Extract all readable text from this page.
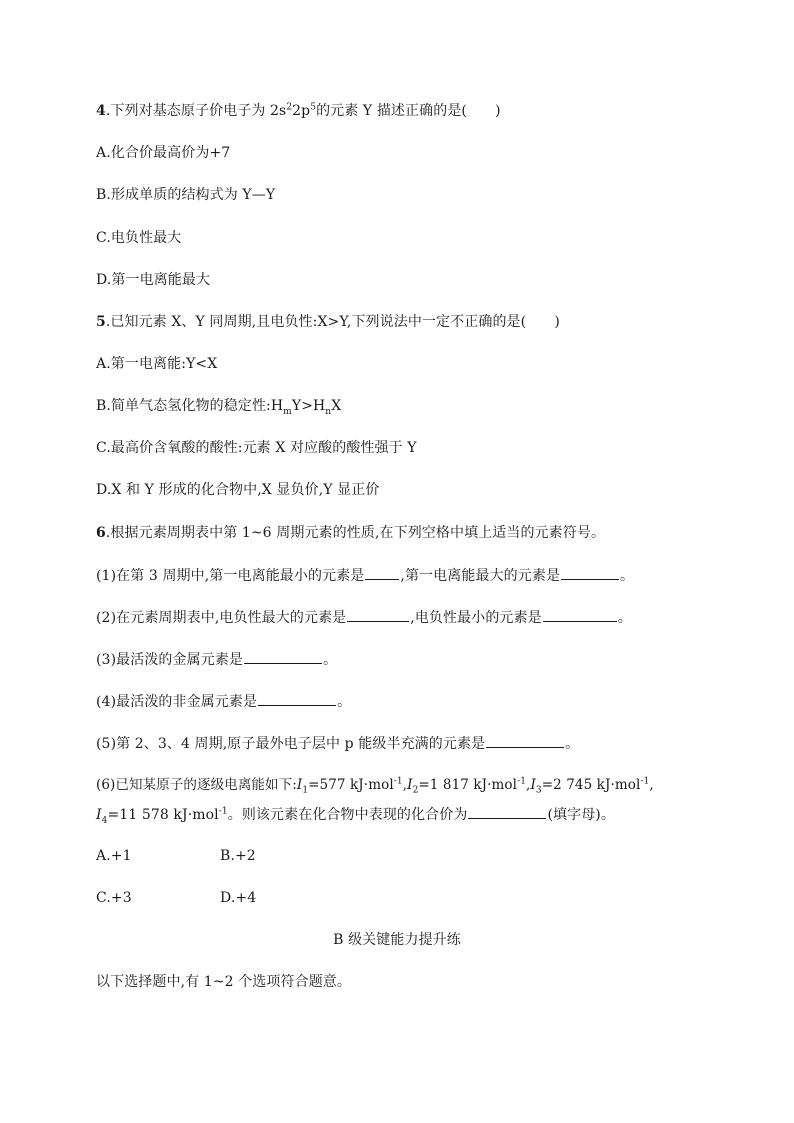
4.下列对基态原子价电子为 $2s^22p^5$的元素 Y 描述正确的是(　　)
A.化合价最高价为+7
B.形成单质的结构式为 Y—Y
C.电负性最大
D.第一电离能最大
5.已知元素 X、Y 同周期,且电负性:X>Y,下列说法中一定不正确的是(　　)
A.第一电离能:Y<X
B.简单气态氢化物的稳定性$:H_mY>H_nX$
C.最高价含氧酸的酸性:元素 X 对应酸的酸性强于 Y
D.X 和 Y 形成的化合物中,X 显负价,Y 显正价
6.根据元素周期表中第 1~6 周期元素的性质,在下列空格中填上适当的元素符号。
(1)在第 3 周期中,第一电离能最小的元素是	,第一电离能最大的元素是	。
(2)在元素周期表中,电负性最大的元素是	,电负性最小的元素是	。
(3)最活泼的金属元素是	。
(4)最活泼的非金属元素是	。
(5)第 2、3、4 周期,原子最外电子层中 p 能级半充满的元素是	。
(6)已知某原子的逐级电离能如下$:I_1=577$ $kJ\cdot mol^{-1},I_2=1$ 817 $kJ\cdot mol^{-1},I_3=2$ 745 kJ·mol$^{-1}$,
$I_4=11$ 578 kJ·mol$^{-1}$。则该元素在化合物中表现的化合价为	(填字母)。
A.+1	B.+2
C.+3	D.+4
B 级关键能力提升练
以下选择题中,有 1~2 个选项符合题意。
